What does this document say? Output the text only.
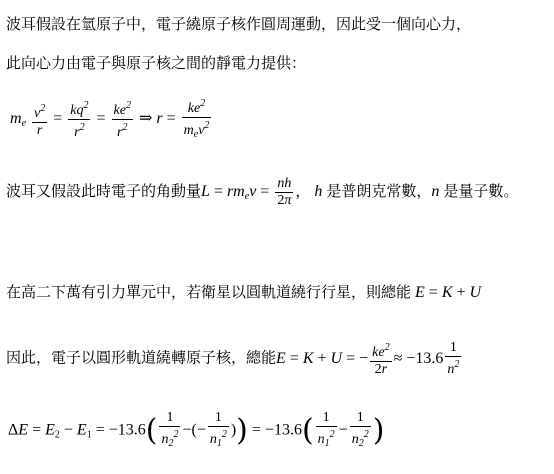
波耳假設在氫原子中，電子繞原子核作圓周運動，因此受一個向心力，
此向心力由電子與原子核之間的靜電力提供：
$m_e \frac{v^2}{r} = \frac{kq^2}{r^2} = \frac{ke^2}{r^2}$ ⇒ $r = \frac{ke^2}{m_ev^2}$
波耳又假設此時電子的角動量$L = rm_ev = \frac{nh}{2\pi}$ ， h 是普朗克常數，n 是量子數。
在高二下萬有引力單元中，若衛星以圓軌道繞行行星，則總能 E = K + U
因此，電子以圓形軌道繞轉原子核，總能E = K + U = − $\frac{ke^2}{2r} \approx -13.6 \frac{1}{n^2}$
$\Delta E = E_2 - E_1 = -13.6( \frac{1}{n_2^2}$ −(− $\frac{1}{n_1^2}$ )) = $-13.6( \frac{1}{n_1^2} - \frac{1}{n_2^2}$ )
